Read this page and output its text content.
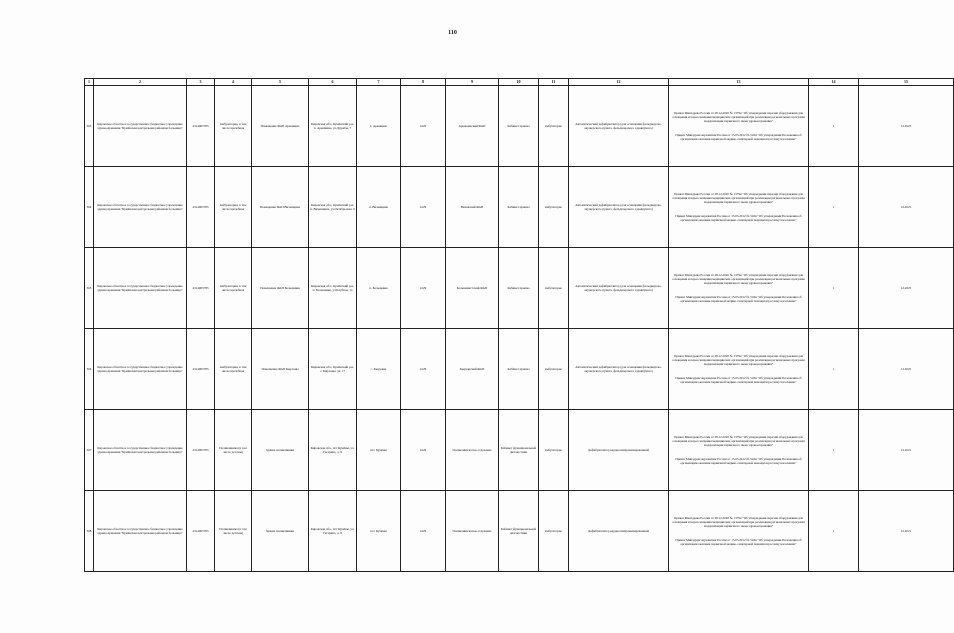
110
1	2	3	4	5	6	7	8	9	10	11	12	13	14	15
363	Кировское областное государственное бюджетное учреждение здравоохранения "Кумёнская центральная районная больница"	4314005783	Амбулатория, в том числе врачебная	Помещение ФАП Аркашино	Кировская обл., Кумёнский р-н, п. Аркашино, ул.Дружбы, 7	д. Аркашино	4129	Аркашинский ФАП	Кабинет приема	амбулаторно	Автоматический дефибриллятор (для оснащения фельдшерско-акушерского пункта, фельдшерского здравпункта)	Приказ Минздрава России от 28.12.2020 № 1379н "Об утверждении перечня оборудования для оснащения и переоснащения медицинских организаций при реализации региональных программ модернизации первичного звена здравоохранения"
Приказ Минздравсоцразвития России от 15.05.2012 № 543н "Об утверждении Положения об организации оказания первичной медико-санитарной помощи взрослому населению"	1	12.2025
364	Кировское областное государственное бюджетное учреждение здравоохранения "Кумёнская центральная районная больница"	4314005783	Амбулатория, в том числе врачебная	Помещение ФАП Вичевщина	Кировская обл., Кумёнский р-н, п. Вичевщина, ул.Октябрьская, 9	п. Вичевщина	4129	Вичевский ФАП	Кабинет приема	амбулаторно	Автоматический дефибриллятор (для оснащения фельдшерско-акушерского пункта, фельдшерского здравпункта)	Приказ Минздрава России от 28.12.2020 № 1379н "Об утверждении перечня оборудования для оснащения и переоснащения медицинских организаций при реализации региональных программ модернизации первичного звена здравоохранения"
Приказ Минздравсоцразвития России от 15.05.2012 № 543н "Об утверждении Положения об организации оказания первичной медико-санитарной помощи взрослому населению"	1	12.2025
365	Кировское областное государственное бюджетное учреждение здравоохранения "Кумёнская центральная районная больница"	4314005783	Амбулатория, в том числе врачебная	Помещение ФАП Большевик	Кировская обл., Кумёнский р-н, п. Большевик, ул.Клубная, 1а	п. Большевик	4129	Большевистский ФАП	Кабинет приема	амбулаторно	Автоматический дефибриллятор (для оснащения фельдшерско-акушерского пункта, фельдшерского здравпункта)	Приказ Минздрава России от 28.12.2020 № 1379н "Об утверждении перечня оборудования для оснащения и переоснащения медицинских организаций при реализации региональных программ модернизации первичного звена здравоохранения"
Приказ Минздравсоцразвития России от 15.05.2012 № 543н "Об утверждении Положения об организации оказания первичной медико-санитарной помощи взрослому населению"	1	12.2025
366	Кировское областное государственное бюджетное учреждение здравоохранения "Кумёнская центральная районная больница"	4314005783	Амбулатория, в том числе врачебная	Помещение ФАП Кырчаны	Кировская обл., Кумёнский р-н, с. Кырчаны, ул. 17	с. Кырчаны	4129	Кырчанский ФАП	Кабинет приема	амбулаторно	Автоматический дефибриллятор (для оснащения фельдшерско-акушерского пункта, фельдшерского здравпункта)	Приказ Минздрава России от 28.12.2020 № 1379н "Об утверждении перечня оборудования для оснащения и переоснащения медицинских организаций при реализации региональных программ модернизации первичного звена здравоохранения"
Приказ Минздравсоцразвития России от 15.05.2012 № 543н "Об утверждении Положения об организации оказания первичной медико-санитарной помощи взрослому населению"	1	12.2025
367	Кировское областное государственное бюджетное учреждение здравоохранения "Кумёнская центральная районная больница"	4314005783	Поликлиника (в том числе детская)	Здание поликлиники	Кировская обл., пгт Кумёны, ул. Гагарина, д. 9	пгт. Кумёны	4129	Поликлиническое отделение	Кабинет функциональной диагностики	амбулаторно	Дефибриллятор кардиосинхронизированный	Приказ Минздрава России от 28.12.2020 № 1379н "Об утверждении перечня оборудования для оснащения и переоснащения медицинских организаций при реализации региональных программ модернизации первичного звена здравоохранения"
Приказ Минздравсоцразвития России от 15.05.2012 № 543н "Об утверждении Положения об организации оказания первичной медико-санитарной помощи взрослому населению"	1	12.2021
368	Кировское областное государственное бюджетное учреждение здравоохранения "Кумёнская центральная районная больница"	4314005783	Поликлиника (в том числе детская)	Здание поликлиники	Кировская обл., пгт Кумёны, ул. Гагарина, д. 9	пгт. Кумёны	4129	Поликлиническое отделение	Кабинет функциональной диагностики	амбулаторно	Дефибриллятор кардиосинхронизированный	Приказ Минздрава России от 28.12.2020 № 1379н "Об утверждении перечня оборудования для оснащения и переоснащения медицинских организаций при реализации региональных программ модернизации первичного звена здравоохранения"
Приказ Минздравсоцразвития России от 15.05.2012 № 543н "Об утверждении Положения об организации оказания первичной медико-санитарной помощи взрослому населению"	1	12.2021
